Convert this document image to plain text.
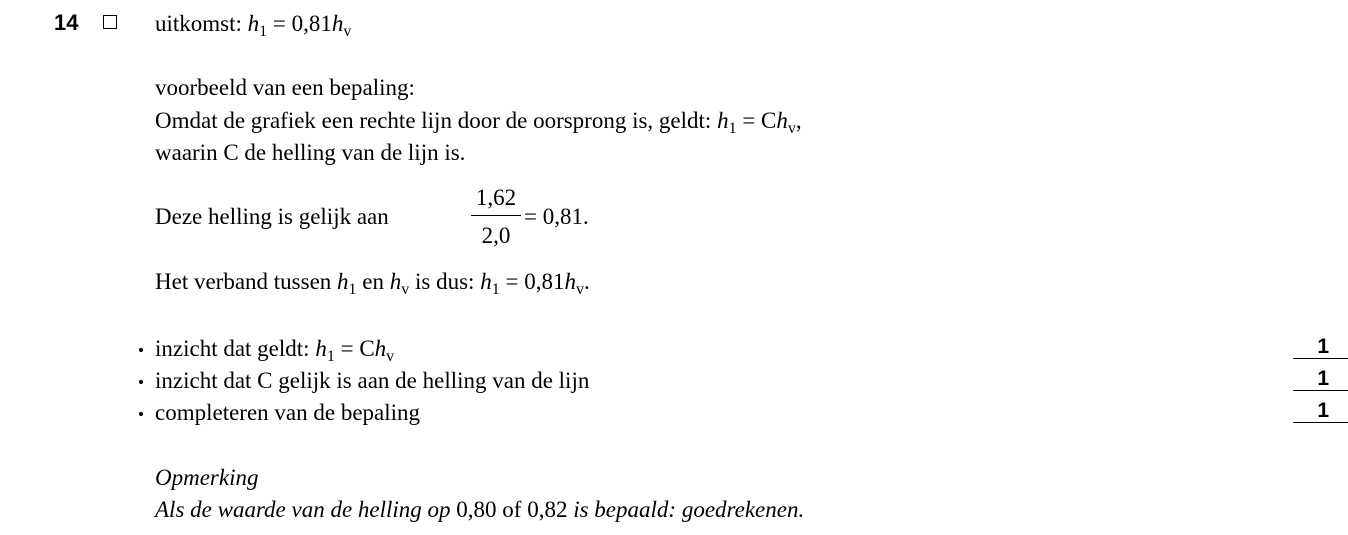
14	uitkomst: $h_1 = 0,81h_v$
voorbeeld van een bepaling:
Omdat de grafiek een rechte lijn door de oorsprong is, geldt: $h_1 = Ch_v$,
waarin C de helling van de lijn is.
Deze helling is gelijk aan
1,62
2,0
= 0,81.
Het verband tussen $h_1$ en $h_v$ is dus: $h_1 = 0,81h_v$.
inzicht dat geldt: $h_1 = Ch_v$	1
inzicht dat C gelijk is aan de helling van de lijn	1
completeren van de bepaling	1
Opmerking
Als de waarde van de helling op 0,80 of 0,82 is bepaald: goedrekenen.
